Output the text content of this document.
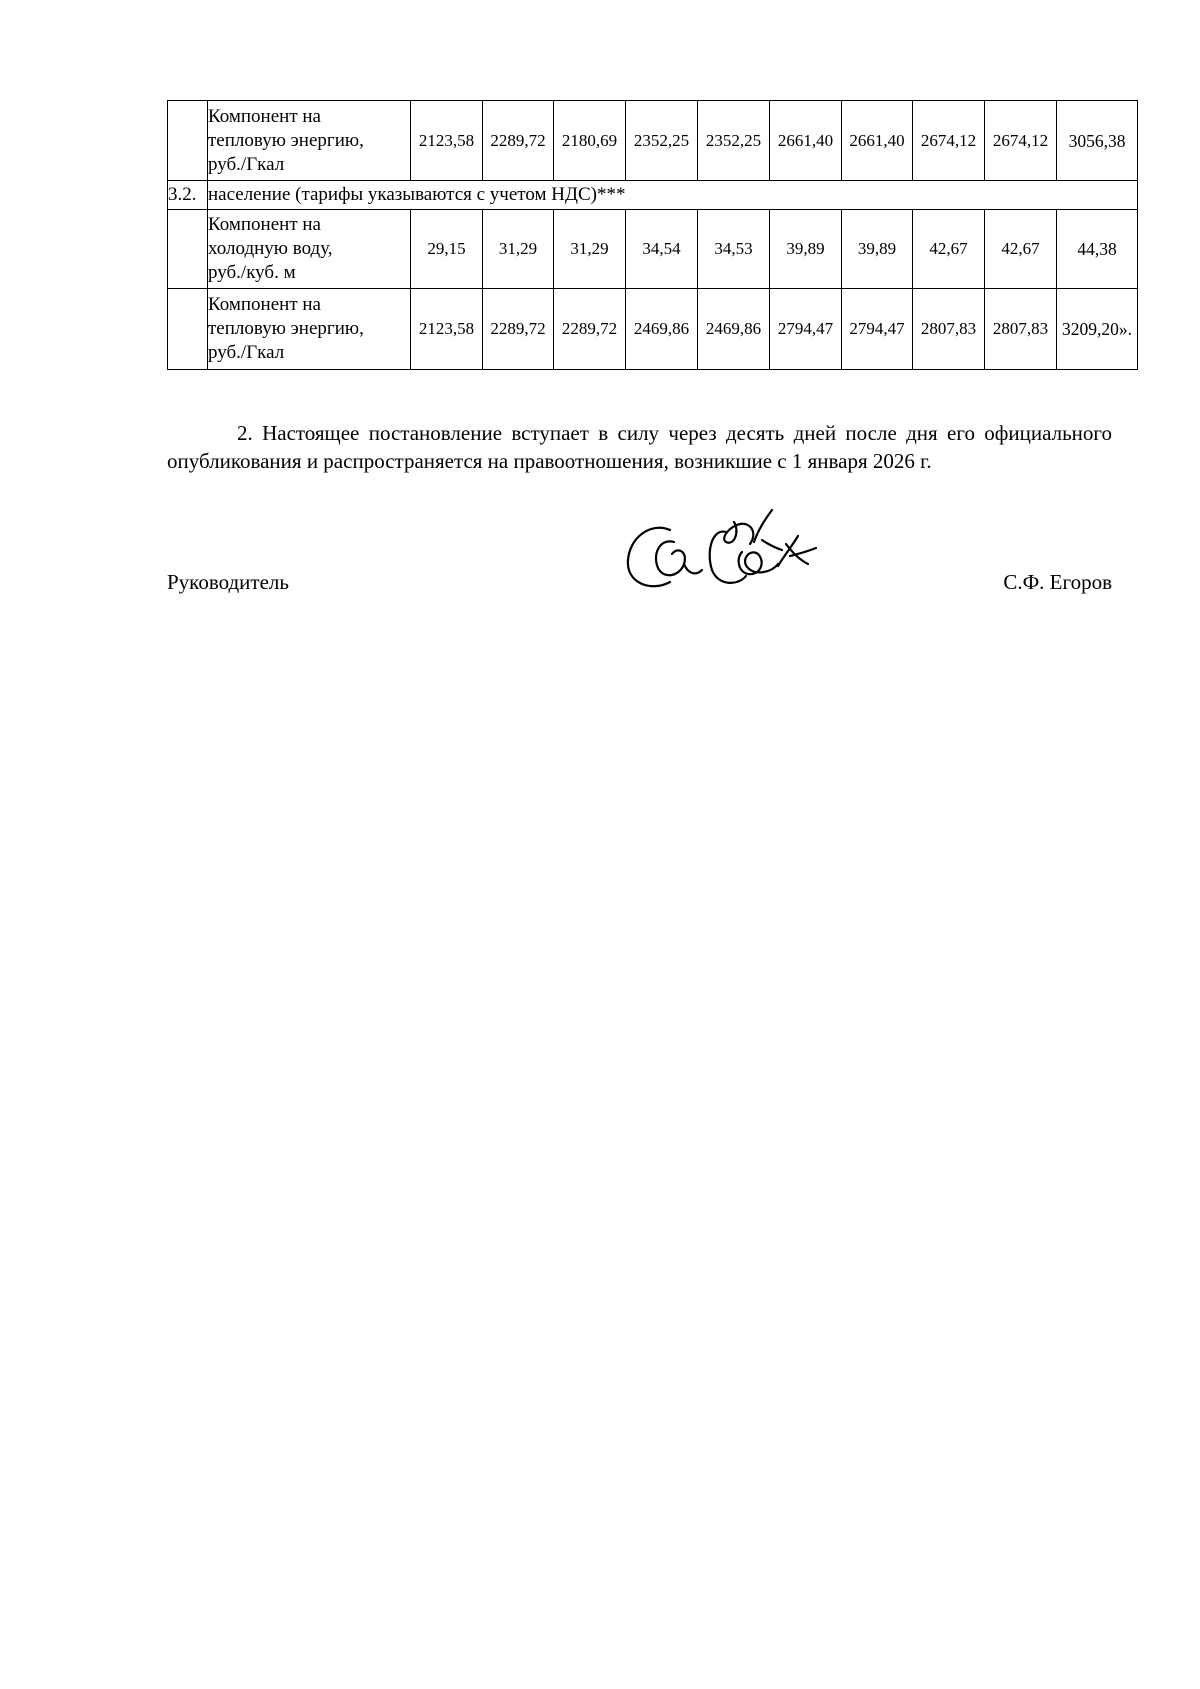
	Компонент на
тепловую энергию,
руб./Гкал	2123,58	2289,72	2180,69	2352,25	2352,25	2661,40	2661,40	2674,12	2674,12	3056,38
3.2.	население (тарифы указываются с учетом НДС)***										

	Компонент на
холодную воду,
руб./куб. м	29,15	31,29	31,29	34,54	34,53	39,89	39,89	42,67	42,67	44,38

	Компонент на
тепловую энергию,
руб./Гкал	2123,58	2289,72	2289,72	2469,86	2469,86	2794,47	2794,47	2807,83	2807,83	3209,20».

2. Настоящее постановление вступает в силу через десять дней после дня его официального опубликования и распространяется на правоотношения, возникшие с 1 января 2026 г.

Руководитель	С.Ф. Егоров
